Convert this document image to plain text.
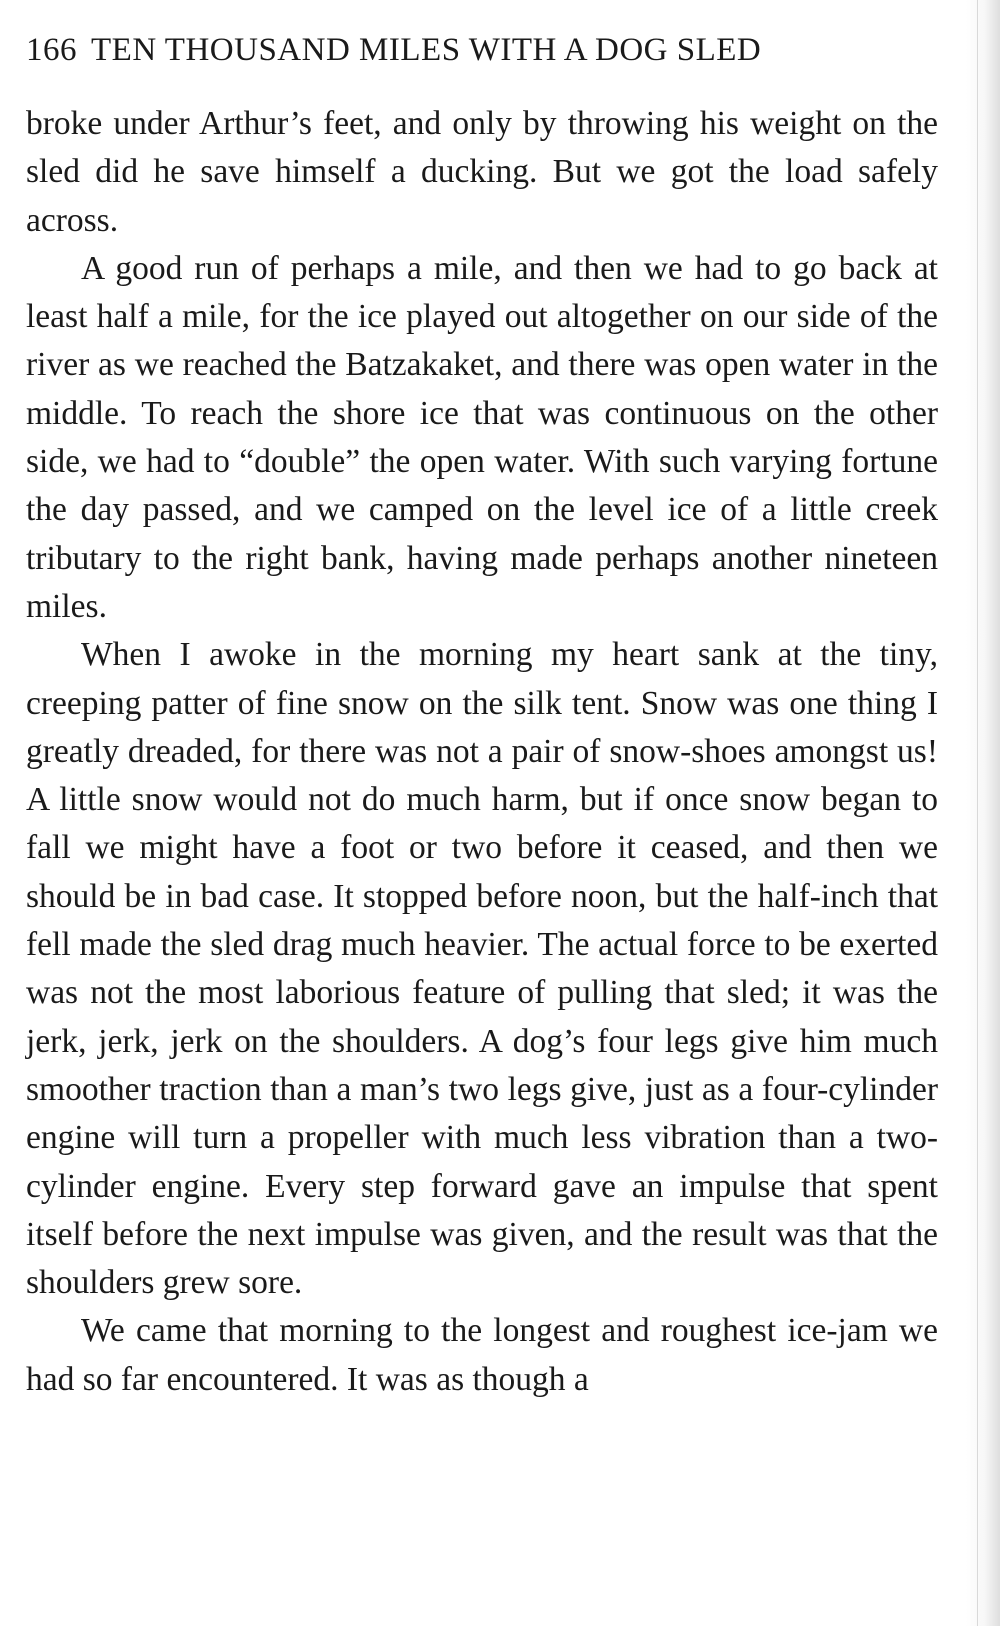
166 TEN THOUSAND MILES WITH A DOG SLED

broke under Arthur’s feet, and only by throwing his weight on the sled did he save himself a ducking. But we got the load safely across.

A good run of perhaps a mile, and then we had to go back at least half a mile, for the ice played out altogether on our side of the river as we reached the Batzakaket, and there was open water in the middle. To reach the shore ice that was continuous on the other side, we had to “double” the open water. With such varying fortune the day passed, and we camped on the level ice of a little creek tributary to the right bank, having made perhaps another nineteen miles.

When I awoke in the morning my heart sank at the tiny, creeping patter of fine snow on the silk tent. Snow was one thing I greatly dreaded, for there was not a pair of snow-shoes amongst us! A little snow would not do much harm, but if once snow began to fall we might have a foot or two before it ceased, and then we should be in bad case. It stopped before noon, but the half-inch that fell made the sled drag much heavier. The actual force to be exerted was not the most laborious feature of pulling that sled; it was the jerk, jerk, jerk on the shoulders. A dog’s four legs give him much smoother traction than a man’s two legs give, just as a four-cylinder engine will turn a propeller with much less vibration than a two-cylinder engine. Every step forward gave an impulse that spent itself before the next impulse was given, and the result was that the shoulders grew sore.

We came that morning to the longest and roughest ice-jam we had so far encountered. It was as though a
